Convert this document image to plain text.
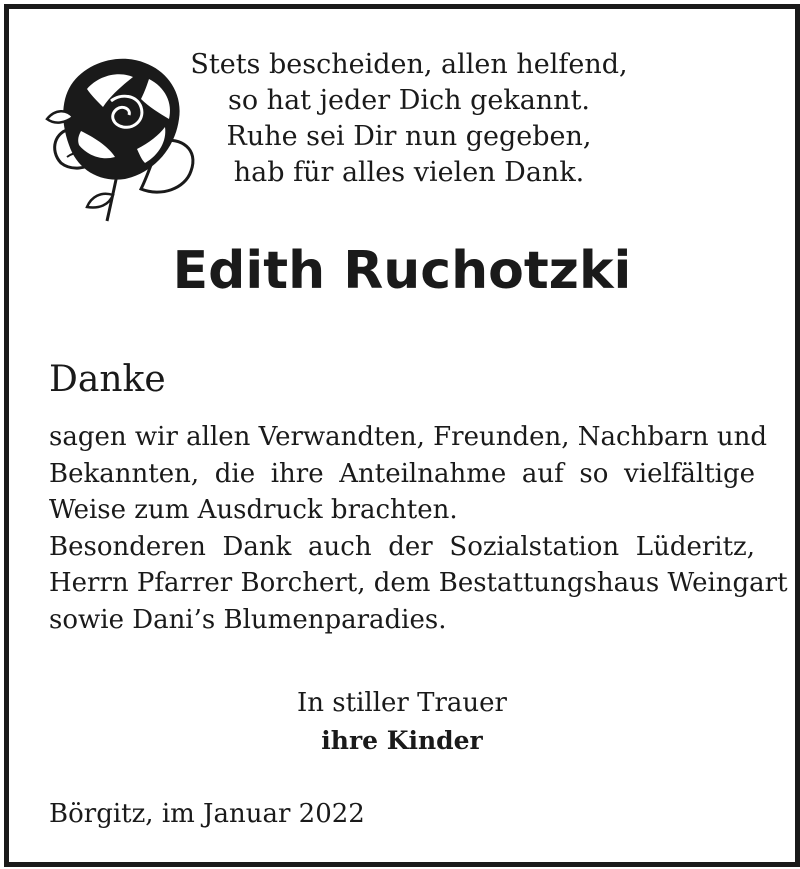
Stets bescheiden, allen helfend,
so hat jeder Dich gekannt.
Ruhe sei Dir nun gegeben,
hab für alles vielen Dank.
Edith Ruchotzki
Danke
sagen wir allen Verwandten, Freunden, Nachbarn und
Bekannten, die ihre Anteilnahme auf so vielfältige
Weise zum Ausdruck brachten.
Besonderen Dank auch der Sozialstation Lüderitz,
Herrn Pfarrer Borchert, dem Bestattungshaus Weingart
sowie Dani’s Blumenparadies.
In stiller Trauer
ihre Kinder
Börgitz, im Januar 2022
